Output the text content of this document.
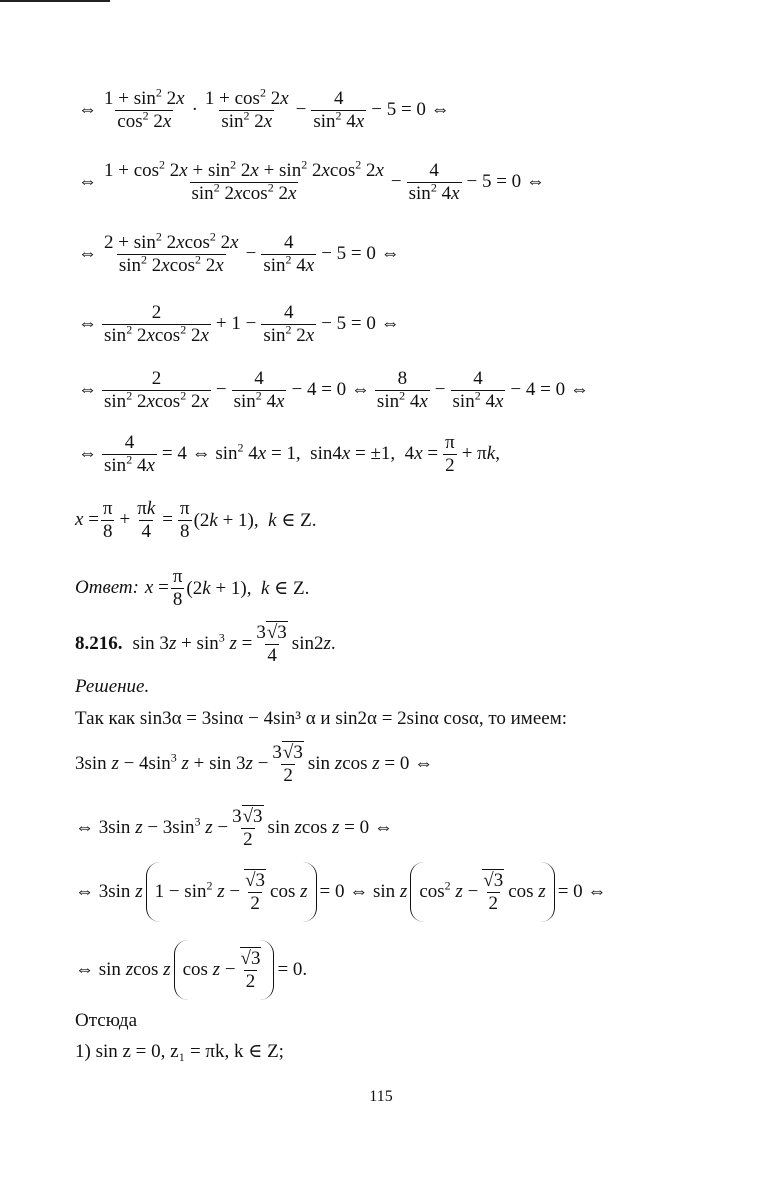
⇔ $\frac{1 + \sin^2 2x}{\cos^2 2x} \cdot \frac{1 + \cos^2 2x}{\sin^2 2x} - \frac{4}{\sin^2 4x} - 5 = 0$ ⇔
⇔ $\frac{1 + \cos^2 2x + \sin^2 2x + \sin^2 2xcos^2 2x}{\sin^2 2xcos^2 2x} - \frac{4}{\sin^2 4x} - 5 = 0$ ⇔
⇔ $\frac{2 + \sin^2 2xcos^2 2x}{\sin^2 2xcos^2 2x} - \frac{4}{\sin^2 4x} - 5 = 0$ ⇔
⇔ $\frac{2}{\sin^2 2xcos^2 2x} + 1 - \frac{4}{\sin^2 2x} - 5 = 0$ ⇔
⇔ $\frac{2}{\sin^2 2xcos^2 2x} - \frac{4}{\sin^2 4x} - 4 = 0$ ⇔ $\frac{8}{\sin^2 4x} - \frac{4}{\sin^2 4x} - 4 = 0$ ⇔
⇔ $\frac{4}{\sin^2 4x} = 4$ ⇔ $\sin^2 4x = 1$,  sin4x = ±1,  $4x = \frac{\pi}{2} + \pi k$,
$x = \frac{\pi}{8} + \frac{\pi k}{4} = \frac{\pi}{8} (2k + 1)$,  k ∈ Z.
Ответ: $x = \frac{\pi}{8} (2k + 1)$,  k ∈ Z.
8.216. $\sin 3z + \sin^3 z = \frac{3√3}{4} \sin 2z$.
Решение.
Так как sin3α = 3sinα − 4sin³ α и sin2α = 2sinα cosα, то имеем:
3sin $z - 4\sin^3$ $z + \sin 3z - \frac{3√3}{2}$ sin zcos z = 0 ⇔
⇔ 3sin $z - 3\sin^3$ $z - \frac{3√3}{2}$ sin zcos z = 0 ⇔
⇔ 3sin z $1 - \sin^2 z - \frac{√3}{2}$ cos z = 0 ⇔ sin z $\cos^2 z - \frac{√3}{2}$ cos z = 0 ⇔
⇔ sin zcos z $\cos z - \frac{√3}{2} = 0$.
Отсюда
1) sin z = 0, z₁ = πk, k ∈ Z;
115
